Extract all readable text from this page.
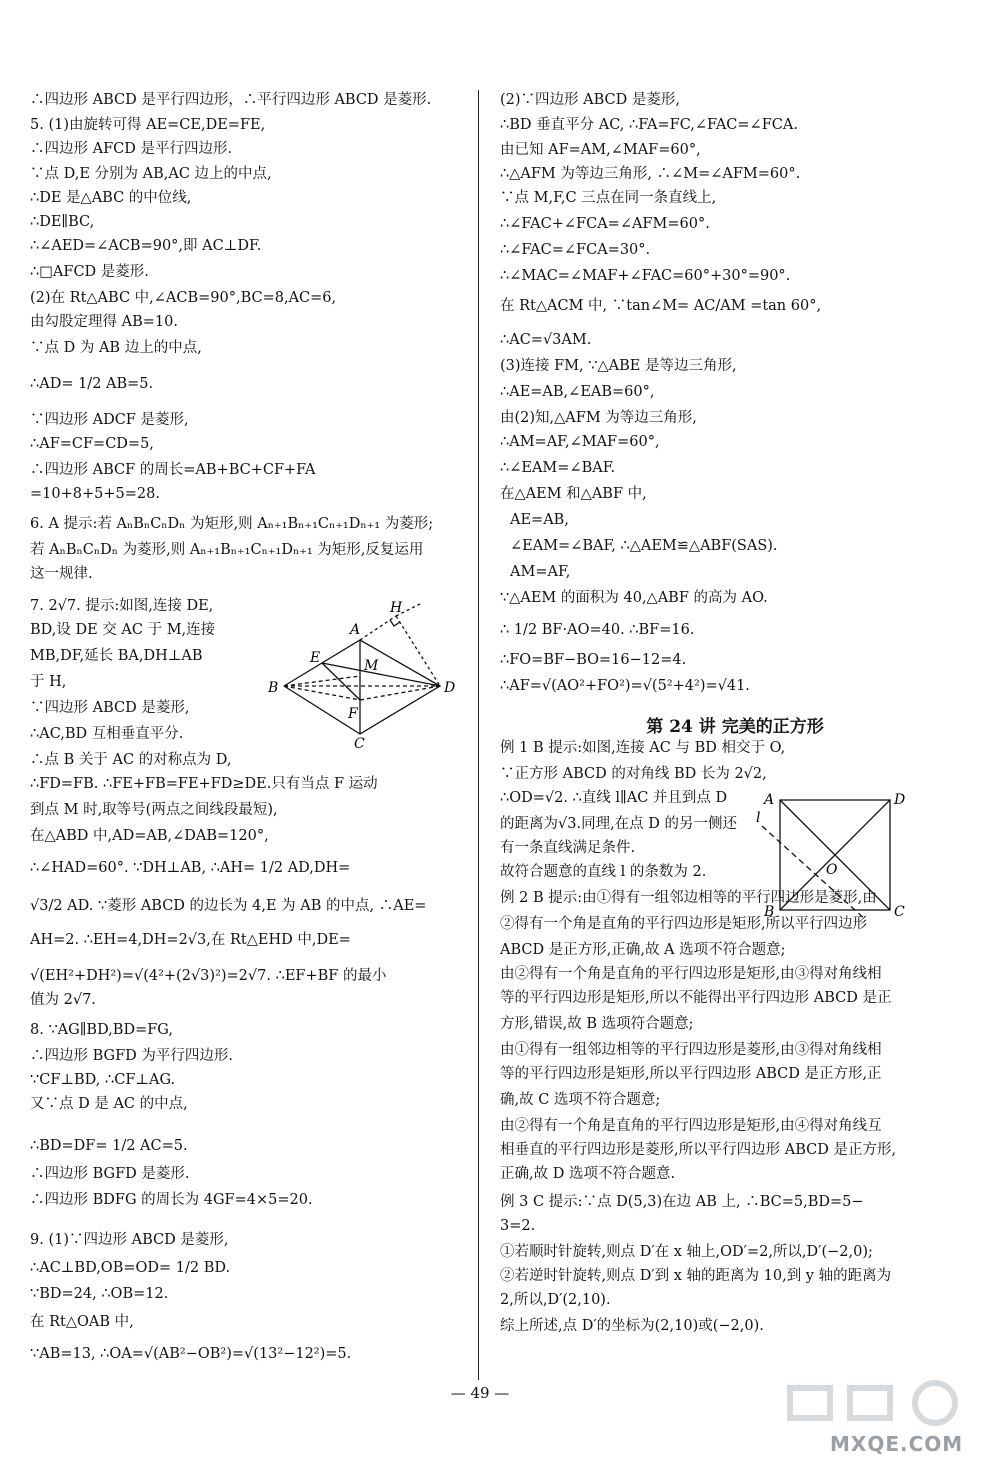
∴四边形 ABCD 是平行四边形，∴平行四边形 ABCD 是菱形.
5. (1)由旋转可得 AE=CE,DE=FE,
∴四边形 AFCD 是平行四边形.
∵点 D,E 分别为 AB,AC 边上的中点,
∴DE 是△ABC 的中位线,
∴DE∥BC,
∴∠AED=∠ACB=90°,即 AC⊥DF.
∴□AFCD 是菱形.
(2)在 Rt△ABC 中,∠ACB=90°,BC=8,AC=6,
由勾股定理得 AB=10.
∵点 D 为 AB 边上的中点,
∴AD= 1/2 AB=5.
∵四边形 ADCF 是菱形,
∴AF=CF=CD=5,
∴四边形 ABCF 的周长=AB+BC+CF+FA
=10+8+5+5=28.
6. A 提示:若 AₙBₙCₙDₙ 为矩形,则 Aₙ₊₁Bₙ₊₁Cₙ₊₁Dₙ₊₁ 为菱形;
若 AₙBₙCₙDₙ 为菱形,则 Aₙ₊₁Bₙ₊₁Cₙ₊₁Dₙ₊₁ 为矩形,反复运用
这一规律.
7. 2√7. 提示:如图,连接 DE,
BD,设 DE 交 AC 于 M,连接
MB,DF,延长 BA,DH⊥AB
于 H,
∵四边形 ABCD 是菱形,
∴AC,BD 互相垂直平分.
∴点 B 关于 AC 的对称点为 D,
∴FD=FB. ∴FE+FB=FE+FD≥DE.只有当点 F 运动
到点 M 时,取等号(两点之间线段最短),
在△ABD 中,AD=AB,∠DAB=120°,
∴∠HAD=60°. ∵DH⊥AB, ∴AH= 1/2 AD,DH=
√3/2 AD. ∵菱形 ABCD 的边长为 4,E 为 AB 的中点, ∴AE=
AH=2. ∴EH=4,DH=2√3,在 Rt△EHD 中,DE=
√(EH²+DH²)=√(4²+(2√3)²)=2√7. ∴EF+BF 的最小
值为 2√7.
8. ∵AG∥BD,BD=FG,
∴四边形 BGFD 为平行四边形.
∵CF⊥BD, ∴CF⊥AG.
又∵点 D 是 AC 的中点,
∴BD=DF= 1/2 AC=5.
∴四边形 BGFD 是菱形.
∴四边形 BDFG 的周长为 4GF=4×5=20.
9. (1)∵四边形 ABCD 是菱形,
∴AC⊥BD,OB=OD= 1/2 BD.
∵BD=24, ∴OB=12.
在 Rt△OAB 中,
∵AB=13, ∴OA=√(AB²−OB²)=√(13²−12²)=5.
(2)∵四边形 ABCD 是菱形,
∴BD 垂直平分 AC, ∴FA=FC,∠FAC=∠FCA.
由已知 AF=AM,∠MAF=60°,
∴△AFM 为等边三角形, ∴∠M=∠AFM=60°.
∵点 M,F,C 三点在同一条直线上,
∴∠FAC+∠FCA=∠AFM=60°.
∴∠FAC=∠FCA=30°.
∴∠MAC=∠MAF+∠FAC=60°+30°=90°.
在 Rt△ACM 中, ∵tan∠M= AC/AM =tan 60°,
∴AC=√3AM.
(3)连接 FM, ∵△ABE 是等边三角形,
∴AE=AB,∠EAB=60°,
由(2)知,△AFM 为等边三角形,
∴AM=AF,∠MAF=60°,
∴∠EAM=∠BAF.
在△AEM 和△ABF 中,
AE=AB,
∠EAM=∠BAF, ∴△AEM≌△ABF(SAS).
AM=AF,
∵△AEM 的面积为 40,△ABF 的高为 AO.
∴ 1/2 BF·AO=40. ∴BF=16.
∴FO=BF−BO=16−12=4.
∴AF=√(AO²+FO²)=√(5²+4²)=√41.
第 24 讲 完美的正方形
例 1 B 提示:如图,连接 AC 与 BD 相交于 O,
∵正方形 ABCD 的对角线 BD 长为 2√2,
∴OD=√2. ∴直线 l∥AC 并且到点 D
的距离为√3.同理,在点 D 的另一侧还
有一条直线满足条件.
故符合题意的直线 l 的条数为 2.
例 2 B 提示:由①得有一组邻边相等的平行四边形是菱形,由
②得有一个角是直角的平行四边形是矩形,所以平行四边形
ABCD 是正方形,正确,故 A 选项不符合题意;
由②得有一个角是直角的平行四边形是矩形,由③得对角线相
等的平行四边形是矩形,所以不能得出平行四边形 ABCD 是正
方形,错误,故 B 选项符合题意;
由①得有一组邻边相等的平行四边形是菱形,由③得对角线相
等的平行四边形是矩形,所以平行四边形 ABCD 是正方形,正
确,故 C 选项不符合题意;
由②得有一个角是直角的平行四边形是矩形,由④得对角线互
相垂直的平行四边形是菱形,所以平行四边形 ABCD 是正方形,
正确,故 D 选项不符合题意.
例 3 C 提示:∵点 D(5,3)在边 AB 上, ∴BC=5,BD=5−
3=2.
①若顺时针旋转,则点 D′在 x 轴上,OD′=2,所以,D′(−2,0);
②若逆时针旋转,则点 D′到 x 轴的距离为 10,到 y 轴的距离为
2,所以,D′(2,10).
综上所述,点 D′的坐标为(2,10)或(−2,0).
H
A
E	M
B
F
D
C
A	D
l
O
B	C
— 49 —
MXQE.COM
